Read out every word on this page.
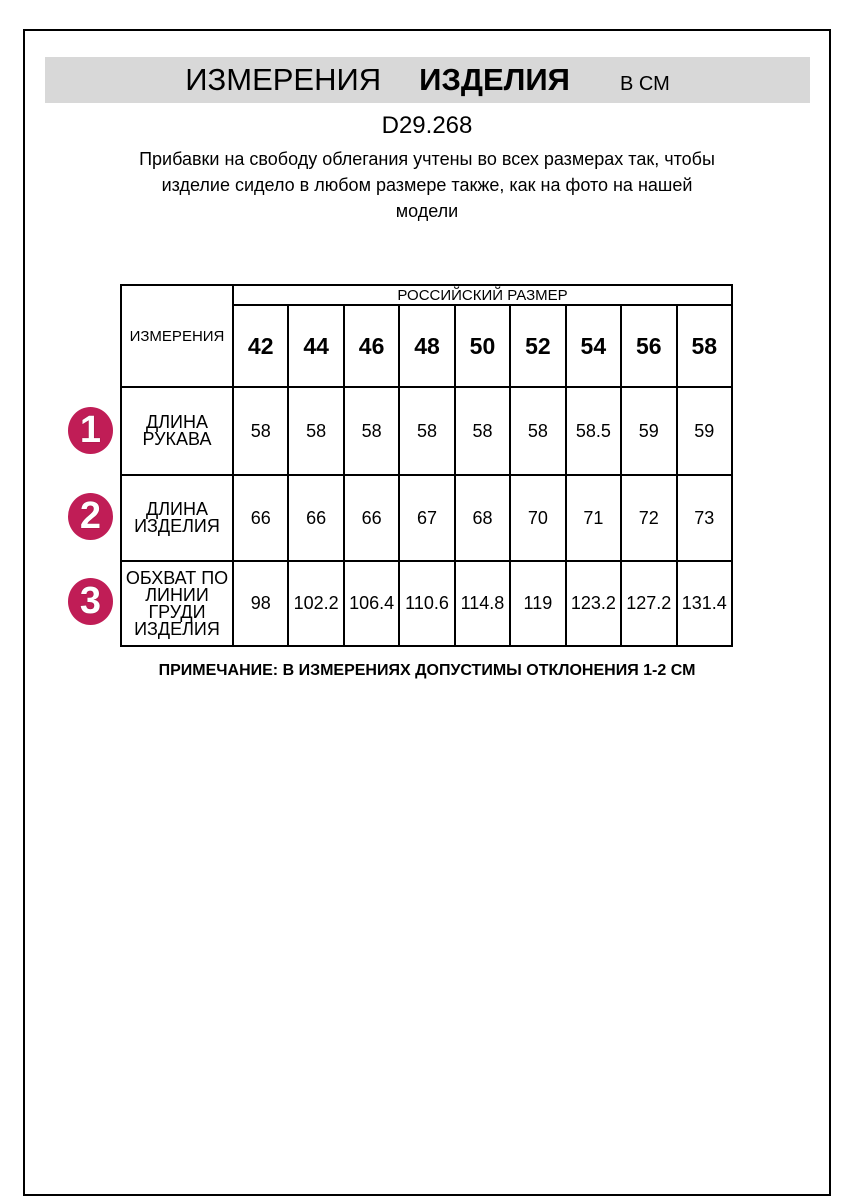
ИЗМЕРЕНИЯ ИЗДЕЛИЯ	В СМ
D29.268
Прибавки на свободу облегания учтены во всех размерах так, чтобы
изделие сидело в любом размере также, как на фото на нашей
модели
ИЗМЕРЕНИЯ	РОССИЙСКИЙ РАЗМЕР								
	42	44	46	48	50	52	54	56	58
ДЛИНА РУКАВА	58	58	58	58	58	58	58.5	59	59
ДЛИНА ИЗДЕЛИЯ	66	66	66	67	68	70	71	72	73
ОБХВАТ ПО ЛИНИИ ГРУДИ ИЗДЕЛИЯ	98	102.2	106.4	110.6	114.8	119	123.2	127.2	131.4
1
2
3
ПРИМЕЧАНИЕ: В ИЗМЕРЕНИЯХ ДОПУСТИМЫ ОТКЛОНЕНИЯ 1-2 СМ
